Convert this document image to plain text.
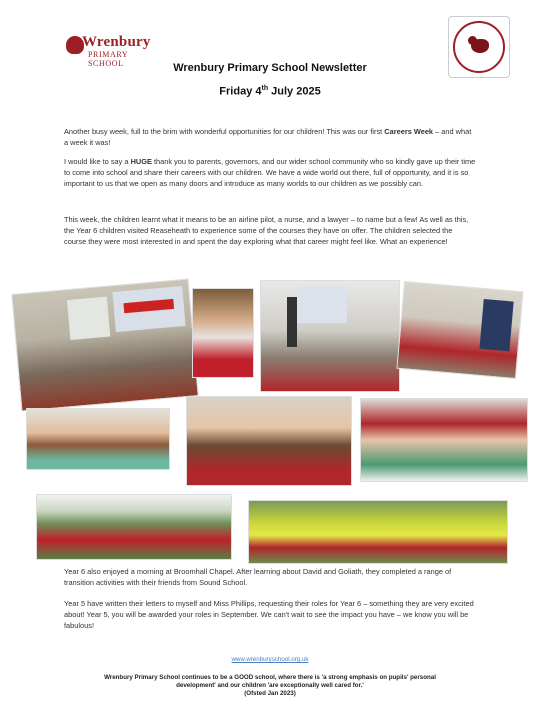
Wrenbury
PRIMARY SCHOOL	Wrenbury Primary School Newsletter
Friday 4th July 2025

Another busy week, full to the brim with wonderful opportunities for our children! This was our first Careers Week – and what a week it was!

I would like to say a HUGE thank you to parents, governors, and our wider school community who so kindly gave up their time to come into school and share their careers with our children. We have a wide world out there, full of opportunity, and it is so important to us that we open as many doors and introduce as many worlds to our children as we possibly can.

This week, the children learnt what it means to be an airline pilot, a nurse, and a lawyer – to name but a few! As well as this, the Year 6 children visited Reaseheath to experience some of the courses they have on offer. The children selected the course they were most interested in and spent the day exploring what that career might feel like. What an experience!

Year 6 also enjoyed a morning at Broomhall Chapel. After learning about David and Goliath, they completed a range of transition activities with their friends from Sound School.

Year 5 have written their letters to myself and Miss Phillips, requesting their roles for Year 6 – something they are very excited about! Year 5, you will be awarded your roles in September. We can't wait to see the impact you have – we know you will be fabulous!

www.wrenburyschool.org.uk
Wrenbury Primary School continues to be a GOOD school, where there is 'a strong emphasis on pupils' personal
development' and our children 'are exceptionally well cared for.'
(Ofsted Jan 2023)
